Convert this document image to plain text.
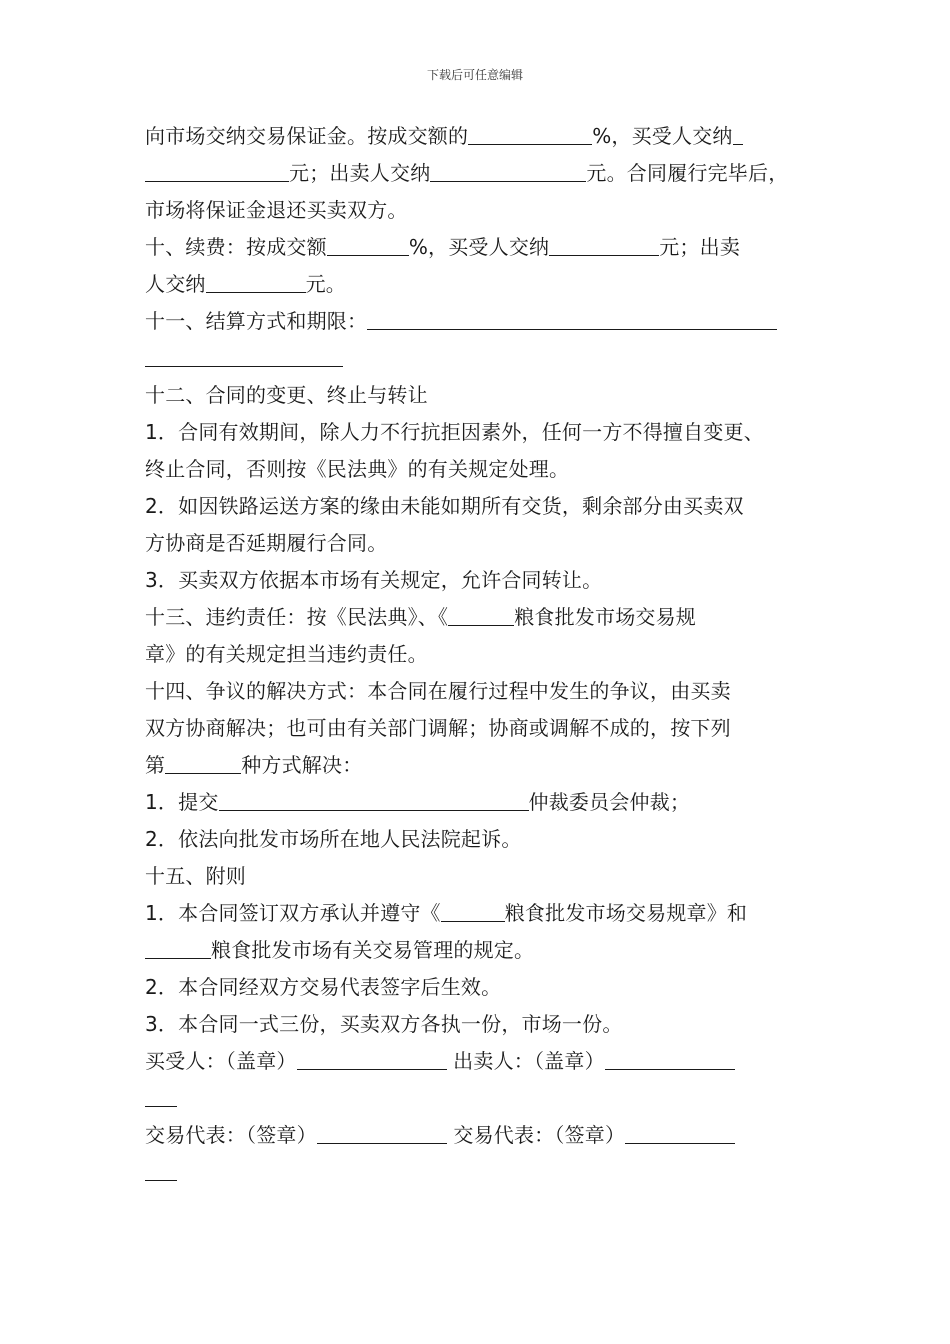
下载后可任意编辑
向市场交纳交易保证金。按成交额的	%，买受人交纳
元；出卖人交纳	元。合同履行完毕后，
市场将保证金退还买卖双方。
十、续费：按成交额	%，买受人交纳	元；出卖
人交纳	元。
十一、结算方式和期限：
十二、合同的变更、终止与转让
1．合同有效期间，除人力不行抗拒因素外，任何一方不得擅自变更、
终止合同，否则按《民法典》的有关规定处理。
2．如因铁路运送方案的缘由未能如期所有交货，剩余部分由买卖双
方协商是否延期履行合同。
3．买卖双方依据本市场有关规定，允许合同转让。
十三、违约责任：按《民法典》、《	粮食批发市场交易规
章》的有关规定担当违约责任。
十四、争议的解决方式：本合同在履行过程中发生的争议，由买卖
双方协商解决；也可由有关部门调解；协商或调解不成的，按下列
第	种方式解决：
1．提交	仲裁委员会仲裁；
2．依法向批发市场所在地人民法院起诉。
十五、附则
1．本合同签订双方承认并遵守《	粮食批发市场交易规章》和
粮食批发市场有关交易管理的规定。
2．本合同经双方交易代表签字后生效。
3．本合同一式三份，买卖双方各执一份，市场一份。
买受人：（盖章）	出卖人：（盖章）
交易代表：（签章）	交易代表：（签章）
